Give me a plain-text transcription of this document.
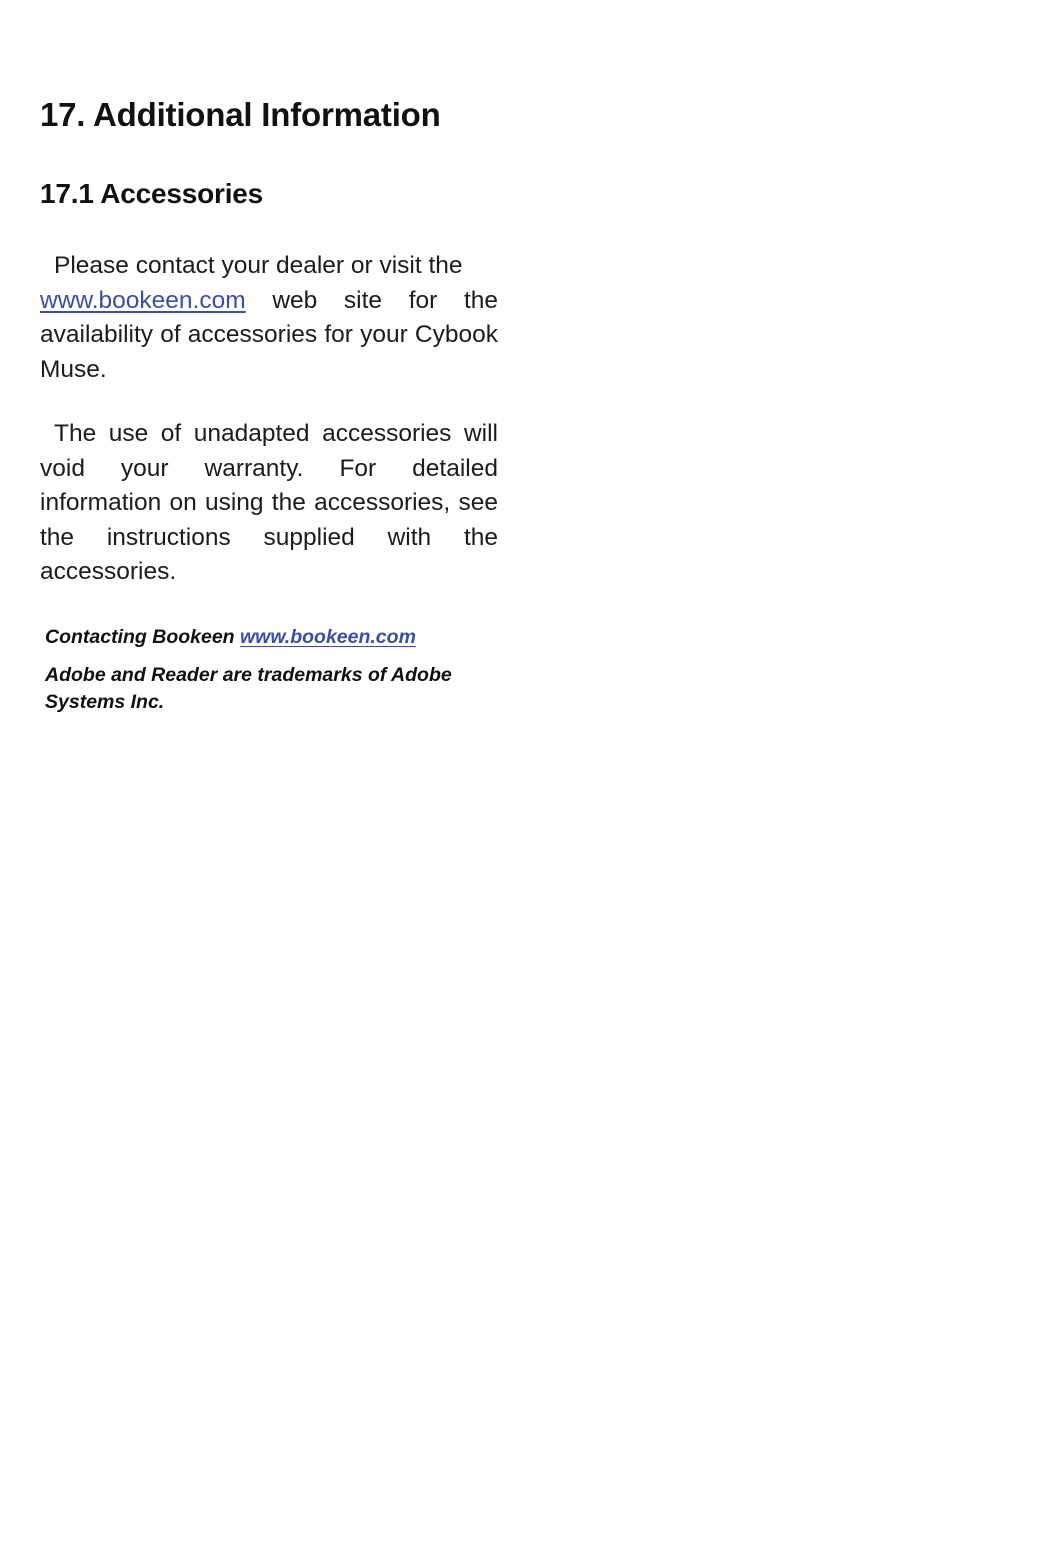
17. Additional Information
17.1 Accessories

Please contact your dealer or visit the
www.bookeen.com web site for the availability of accessories for your Cybook Muse.

The use of unadapted accessories will void your warranty. For detailed information on using the accessories, see the instructions supplied with the accessories.

Contacting Bookeen www.bookeen.com

Adobe and Reader are trademarks of Adobe Systems Inc.
